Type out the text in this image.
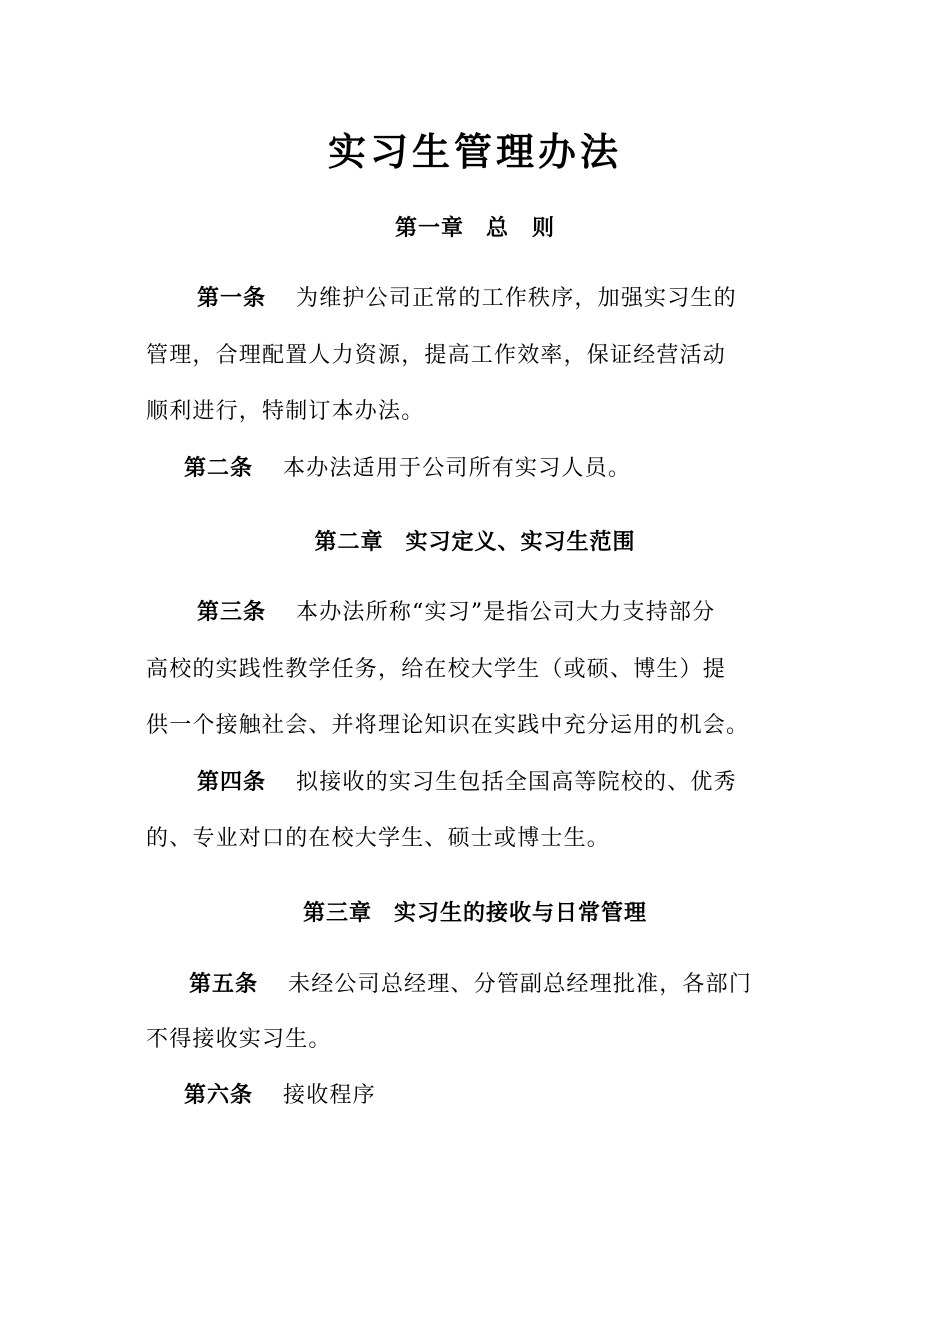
实习生管理办法
第一章 总　则
第一条 为维护公司正常的工作秩序，加强实习生的
管理，合理配置人力资源，提高工作效率，保证经营活动
顺利进行，特制订本办法。
第二条 本办法适用于公司所有实习人员。
第二章 实习定义、实习生范围
第三条 本办法所称“实习”是指公司大力支持部分
高校的实践性教学任务，给在校大学生（或硕、博生）提
供一个接触社会、并将理论知识在实践中充分运用的机会。
第四条 拟接收的实习生包括全国高等院校的、优秀
的、专业对口的在校大学生、硕士或博士生。
第三章 实习生的接收与日常管理
第五条 未经公司总经理、分管副总经理批准，各部门
不得接收实习生。
第六条 接收程序
